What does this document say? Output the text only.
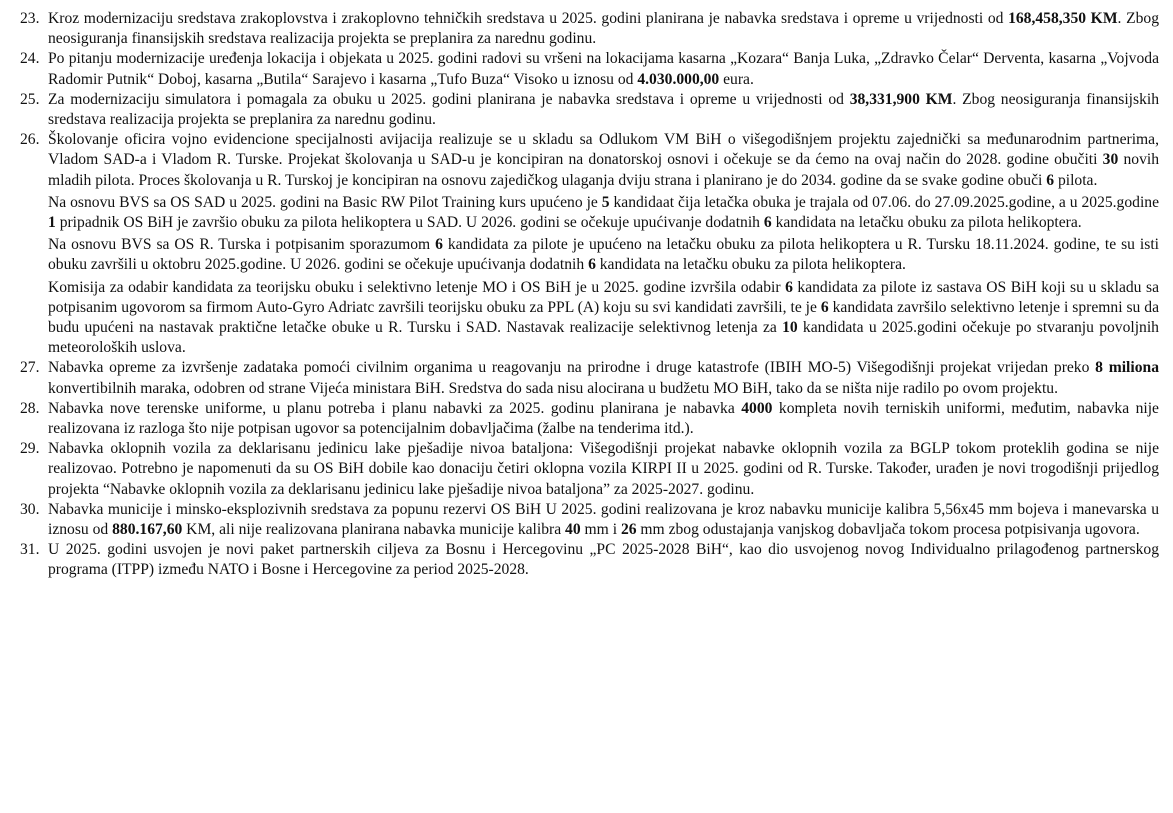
23. Kroz modernizaciju sredstava zrakoplovstva i zrakoplovno tehničkih sredstava u 2025. godini planirana je nabavka sredstava i opreme u vrijednosti od 168,458,350 KM. Zbog neosiguranja finansijskih sredstava realizacija projekta se preplanira za narednu godinu.

24. Po pitanju modernizacije uređenja lokacija i objekata u 2025. godini radovi su vršeni na lokacijama kasarna „Kozara“ Banja Luka, „Zdravko Čelar“ Derventa, kasarna „Vojvoda Radomir Putnik“ Doboj, kasarna „Butila“ Sarajevo i kasarna „Tufo Buza“ Visoko u iznosu od 4.030.000,00 eura.

25. Za modernizaciju simulatora i pomagala za obuku u 2025. godini planirana je nabavka sredstava i opreme u vrijednosti od 38,331,900 KM. Zbog neosiguranja finansijskih sredstava realizacija projekta se preplanira za narednu godinu.

26. Školovanje oficira vojno evidencione specijalnosti avijacija realizuje se u skladu sa Odlukom VM BiH o višegodišnjem projektu zajednički sa međunarodnim partnerima, Vladom SAD-a i Vladom R. Turske. Projekat školovanja u SAD-u je koncipiran na donatorskoj osnovi i očekuje se da ćemo na ovaj način do 2028. godine obučiti 30 novih mladih pilota. Proces školovanja u R. Turskoj je koncipiran na osnovu zajedičkog ulaganja dviju strana i planirano je do 2034. godine da se svake godine obuči 6 pilota.

Na osnovu BVS sa OS SAD u 2025. godini na Basic RW Pilot Training kurs upućeno je 5 kandidaat čija letačka obuka je trajala od 07.06. do 27.09.2025.godine, a u 2025.godine 1 pripadnik OS BiH je završio obuku za pilota helikoptera u SAD. U 2026. godini se očekuje upućivanje dodatnih 6 kandidata na letačku obuku za pilota helikoptera.

Na osnovu BVS sa OS R. Turska i potpisanim sporazumom 6 kandidata za pilote je upućeno na letačku obuku za pilota helikoptera u R. Tursku 18.11.2024. godine, te su isti obuku završili u oktobru 2025.godine. U 2026. godini se očekuje upućivanja dodatnih 6 kandidata na letačku obuku za pilota helikoptera.

Komisija za odabir kandidata za teorijsku obuku i selektivno letenje MO i OS BiH je u 2025. godine izvršila odabir 6 kandidata za pilote iz sastava OS BiH koji su u skladu sa potpisanim ugovorom sa firmom Auto-Gyro Adriatc završili teorijsku obuku za PPL (A) koju su svi kandidati završili, te je 6 kandidata završilo selektivno letenje i spremni su da budu upućeni na nastavak praktične letačke obuke u R. Tursku i SAD. Nastavak realizacije selektivnog letenja za 10 kandidata u 2025.godini očekuje po stvaranju povoljnih meteoroloških uslova.

27. Nabavka opreme za izvršenje zadataka pomoći civilnim organima u reagovanju na prirodne i druge katastrofe (IBIH MO-5) Višegodišnji projekat vrijedan preko 8 miliona konvertibilnih maraka, odobren od strane Vijeća ministara BiH. Sredstva do sada nisu alocirana u budžetu MO BiH, tako da se ništa nije radilo po ovom projektu.

28. Nabavka nove terenske uniforme, u planu potreba i planu nabavki za 2025. godinu planirana je nabavka 4000 kompleta novih terniskih uniformi, međutim, nabavka nije realizovana iz razloga što nije potpisan ugovor sa potencijalnim dobavljačima (žalbe na tenderima itd.).

29. Nabavka oklopnih vozila za deklarisanu jedinicu lake pješadije nivoa bataljona: Višegodišnji projekat nabavke oklopnih vozila za BGLP tokom proteklih godina se nije realizovao. Potrebno je napomenuti da su OS BiH dobile kao donaciju četiri oklopna vozila KIRPI II u 2025. godini od R. Turske. Također, urađen je novi trogodišnji prijedlog projekta “Nabavke oklopnih vozila za deklarisanu jedinicu lake pješadije nivoa bataljona” za 2025-2027. godinu.

30. Nabavka municije i minsko-eksplozivnih sredstava za popunu rezervi OS BiH U 2025. godini realizovana je kroz nabavku municije kalibra 5,56x45 mm bojeva i manevarska u iznosu od 880.167,60 KM, ali nije realizovana planirana nabavka municije kalibra 40 mm i 26 mm zbog odustajanja vanjskog dobavljača tokom procesa potpisivanja ugovora.

31. U 2025. godini usvojen je novi paket partnerskih ciljeva za Bosnu i Hercegovinu „PC 2025-2028 BiH“, kao dio usvojenog novog Individualno prilagođenog partnerskog programa (ITPP) između NATO i Bosne i Hercegovine za period 2025-2028.
